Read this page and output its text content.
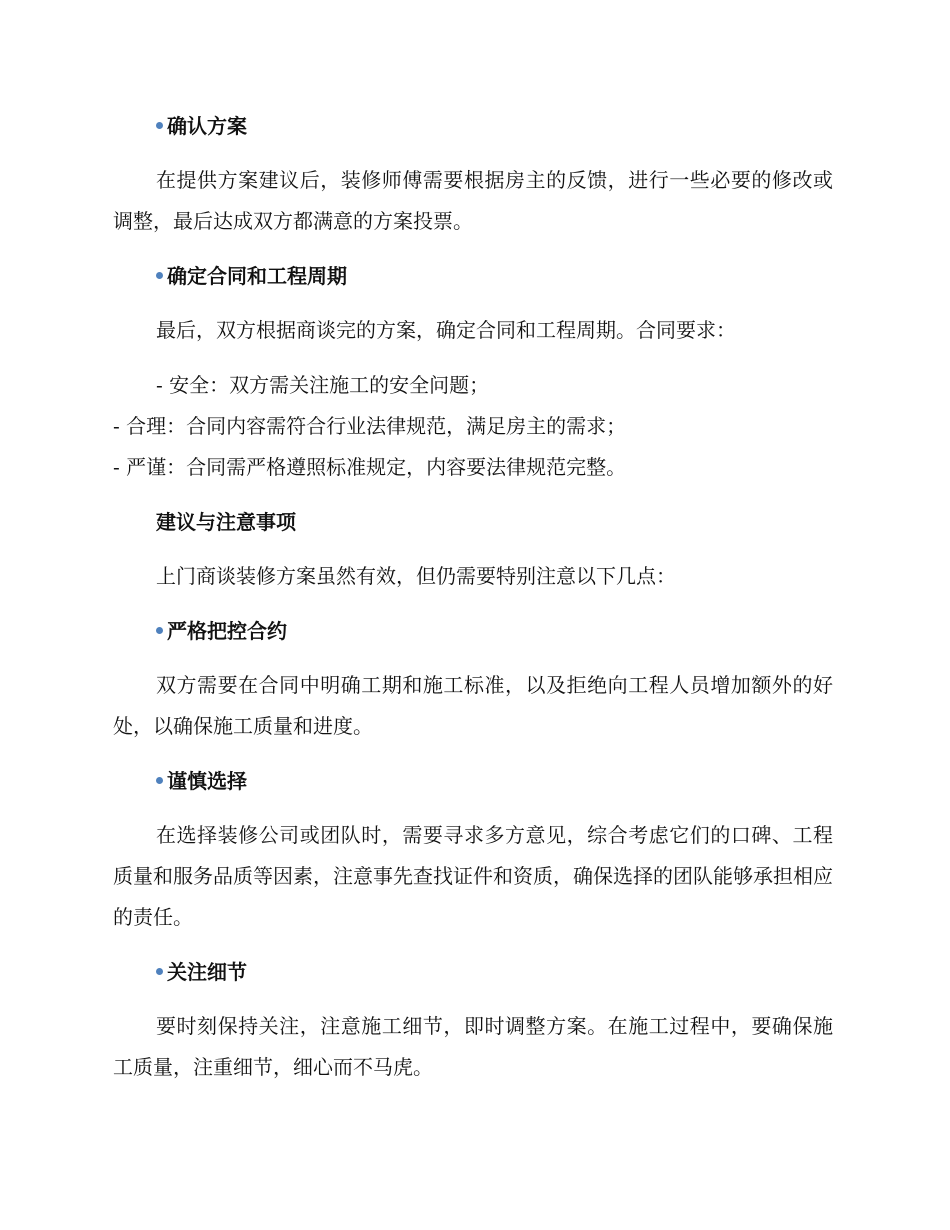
确认方案

在提供方案建议后，装修师傅需要根据房主的反馈，进行一些必要的修改或调整，最后达成双方都满意的方案投票。

确定合同和工程周期

最后，双方根据商谈完的方案，确定合同和工程周期。合同要求：

- 安全：双方需关注施工的安全问题；
- 合理：合同内容需符合行业法律规范，满足房主的需求；
- 严谨：合同需严格遵照标准规定，内容要法律规范完整。
建议与注意事项

上门商谈装修方案虽然有效，但仍需要特别注意以下几点：

严格把控合约

双方需要在合同中明确工期和施工标准，以及拒绝向工程人员增加额外的好处，以确保施工质量和进度。

谨慎选择

在选择装修公司或团队时，需要寻求多方意见，综合考虑它们的口碑、工程质量和服务品质等因素，注意事先查找证件和资质，确保选择的团队能够承担相应的责任。

关注细节

要时刻保持关注，注意施工细节，即时调整方案。在施工过程中，要确保施工质量，注重细节，细心而不马虎。
